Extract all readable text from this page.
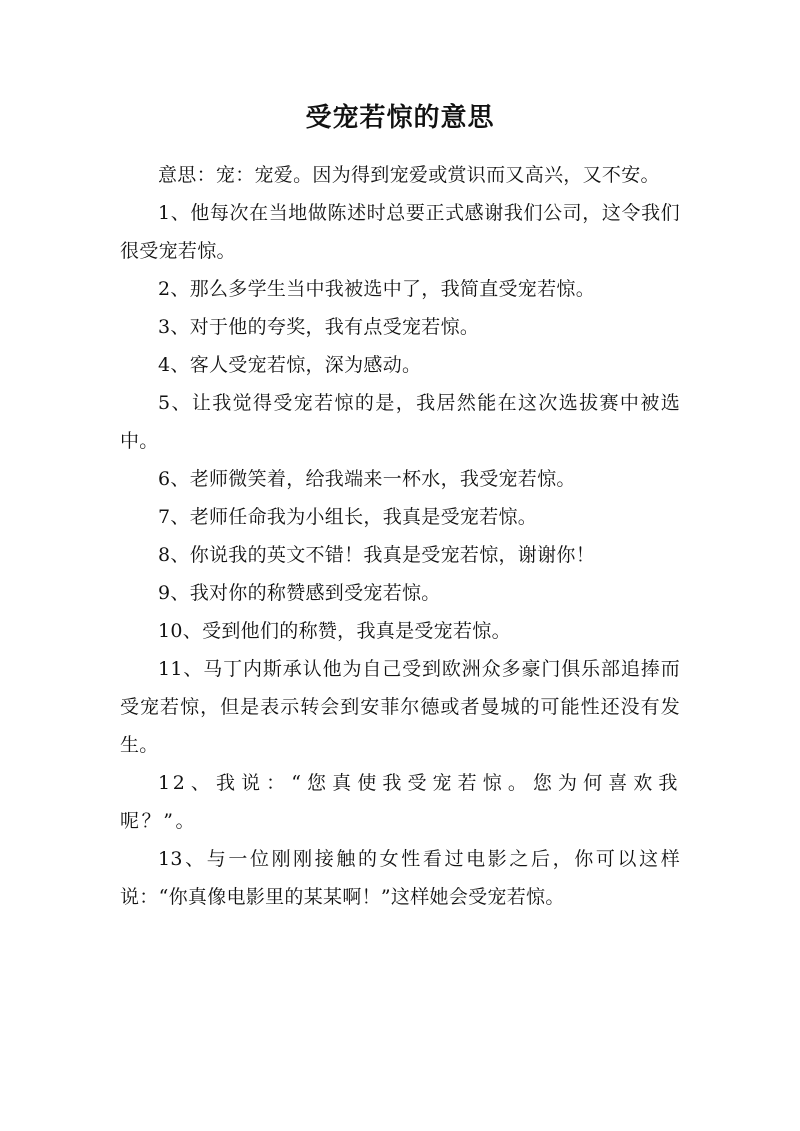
受宠若惊的意思

意思：宠：宠爱。因为得到宠爱或赏识而又高兴，又不安。

1、他每次在当地做陈述时总要正式感谢我们公司，这令我们很受宠若惊。

2、那么多学生当中我被选中了，我简直受宠若惊。

3、对于他的夸奖，我有点受宠若惊。

4、客人受宠若惊，深为感动。

5、让我觉得受宠若惊的是，我居然能在这次选拔赛中被选中。

6、老师微笑着，给我端来一杯水，我受宠若惊。

7、老师任命我为小组长，我真是受宠若惊。

8、你说我的英文不错！我真是受宠若惊，谢谢你！

9、我对你的称赞感到受宠若惊。

10、受到他们的称赞，我真是受宠若惊。

11、马丁内斯承认他为自己受到欧洲众多豪门俱乐部追捧而受宠若惊，但是表示转会到安菲尔德或者曼城的可能性还没有发生。

12、我说：“您真使我受宠若惊。您为何喜欢我呢？”。

13、与一位刚刚接触的女性看过电影之后，你可以这样说：“你真像电影里的某某啊！”这样她会受宠若惊。
